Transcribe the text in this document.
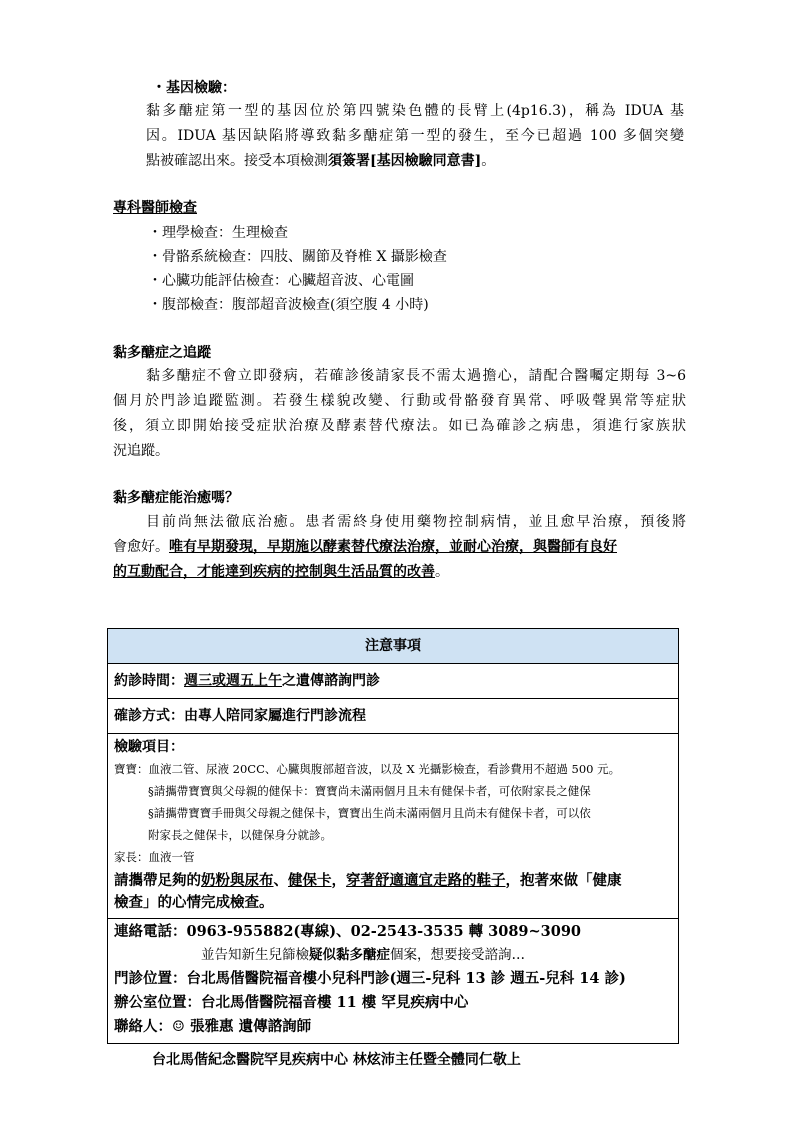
・基因檢驗：
黏多醣症第一型的基因位於第四號染色體的長臂上(4p16.3)，稱為 IDUA 基
因。IDUA 基因缺陷將導致黏多醣症第一型的發生，至今已超過 100 多個突變
點被確認出來。接受本項檢測須簽署[基因檢驗同意書]。
專科醫師檢查
・理學檢查：生理檢查
・骨骼系統檢查：四肢、關節及脊椎 X 攝影檢查
・心臟功能評估檢查：心臟超音波、心電圖
・腹部檢查：腹部超音波檢查(須空腹 4 小時)
黏多醣症之追蹤
黏多醣症不會立即發病，若確診後請家長不需太過擔心，請配合醫囑定期每 3~6
個月於門診追蹤監測。若發生樣貌改變、行動或骨骼發育異常、呼吸聲異常等症狀
後，須立即開始接受症狀治療及酵素替代療法。如已為確診之病患，須進行家族狀
況追蹤。
黏多醣症能治癒嗎？
目前尚無法徹底治癒。患者需終身使用藥物控制病情，並且愈早治療，預後將
會愈好。唯有早期發現，早期施以酵素替代療法治療，並耐心治療，與醫師有良好
的互動配合，才能達到疾病的控制與生活品質的改善。
注意事項
約診時間：週三或週五上午之遺傳諮詢門診
確診方式：由專人陪同家屬進行門診流程
檢驗項目：
寶寶：血液二管、尿液 20CC、心臟與腹部超音波，以及 X 光攝影檢查，看診費用不超過 500 元。
§請攜帶寶寶與父母親的健保卡：寶寶尚未滿兩個月且未有健保卡者，可依附家長之健保
§請攜帶寶寶手冊與父母親之健保卡，寶寶出生尚未滿兩個月且尚未有健保卡者，可以依
附家長之健保卡，以健保身分就診。
家長：血液一管
請攜帶足夠的奶粉與尿布、健保卡，穿著舒適適宜走路的鞋子，抱著來做「健康
檢查」的心情完成檢查。
連絡電話：0963-955882(專線)、02-2543-3535 轉 3089~3090
並告知新生兒篩檢疑似黏多醣症個案，想要接受諮詢…
門診位置：台北馬偕醫院福音樓小兒科門診(週三-兒科 13 診 週五-兒科 14 診)
辦公室位置：台北馬偕醫院福音樓 11 樓 罕見疾病中心
聯絡人：☺ 張雅惠 遺傳諮詢師
台北馬偕紀念醫院罕見疾病中心 林炫沛主任暨全體同仁敬上
